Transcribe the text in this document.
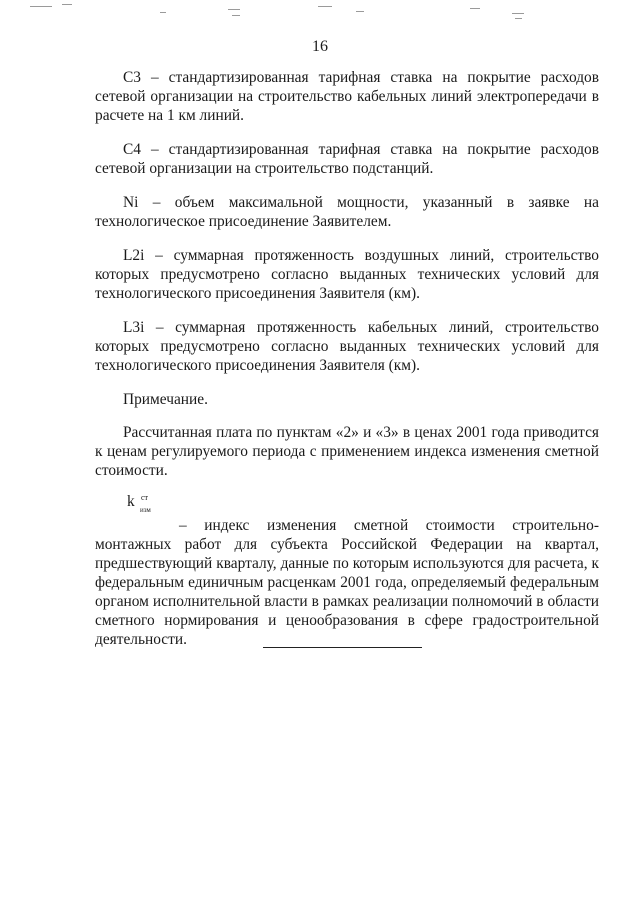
16

C3 – стандартизированная тарифная ставка на покрытие расходов сетевой организации на строительство кабельных линий электропередачи в расчете на 1 км линий.

C4 – стандартизированная тарифная ставка на покрытие расходов сетевой организации на строительство подстанций.

Ni – объем максимальной мощности, указанный в заявке на технологическое присоединение Заявителем.

L2i – суммарная протяженность воздушных линий, строительство которых предусмотрено согласно выданных технических условий для технологического присоединения Заявителя (км).

L3i – суммарная протяженность кабельных линий, строительство которых предусмотрено согласно выданных технических условий для технологического присоединения Заявителя (км).

Примечание.

Рассчитанная плата по пунктам «2» и «3» в ценах 2001 года приводится к ценам регулируемого периода с применением индекса изменения сметной стоимости.

k ст
изм

– индекс изменения сметной стоимости строительно-монтажных работ для субъекта Российской Федерации на квартал, предшествующий кварталу, данные по которым используются для расчета, к федеральным единичным расценкам 2001 года, определяемый федеральным органом исполнительной власти в рамках реализации полномочий в области сметного нормирования и ценообразования в сфере градостроительной деятельности.
